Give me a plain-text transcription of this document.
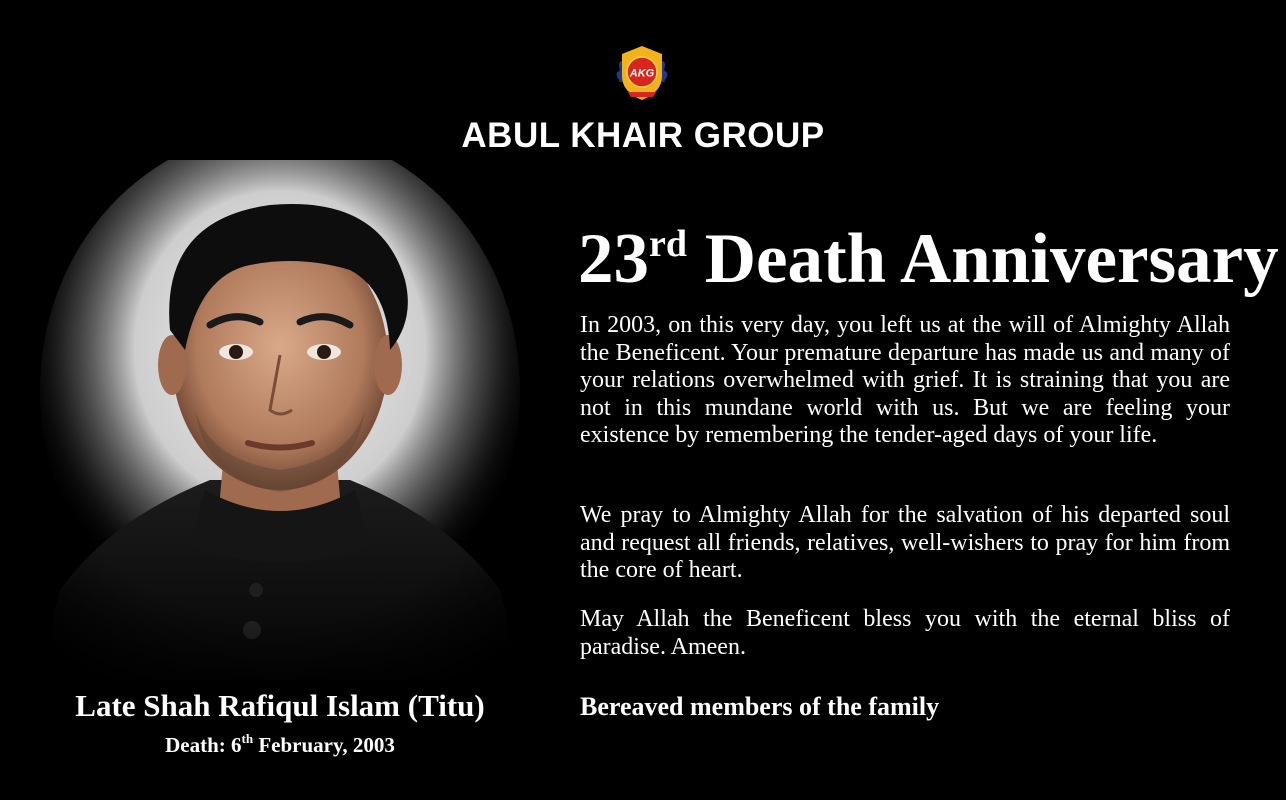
AKG
ABUL KHAIR GROUP
Late Shah Rafiqul Islam (Titu)
Death: 6th February, 2003
23rd Death Anniversary
In 2003, on this very day, you left us at the will of Almighty Allah the Beneficent. Your premature departure has made us and many of your relations overwhelmed with grief. It is straining that you are not in this mundane world with us. But we are feeling your existence by remembering the tender-aged days of your life.
We pray to Almighty Allah for the salvation of his departed soul and request all friends, relatives, well-wishers to pray for him from the core of heart.
May Allah the Beneficent bless you with the eternal bliss of paradise. Ameen.
Bereaved members of the family
